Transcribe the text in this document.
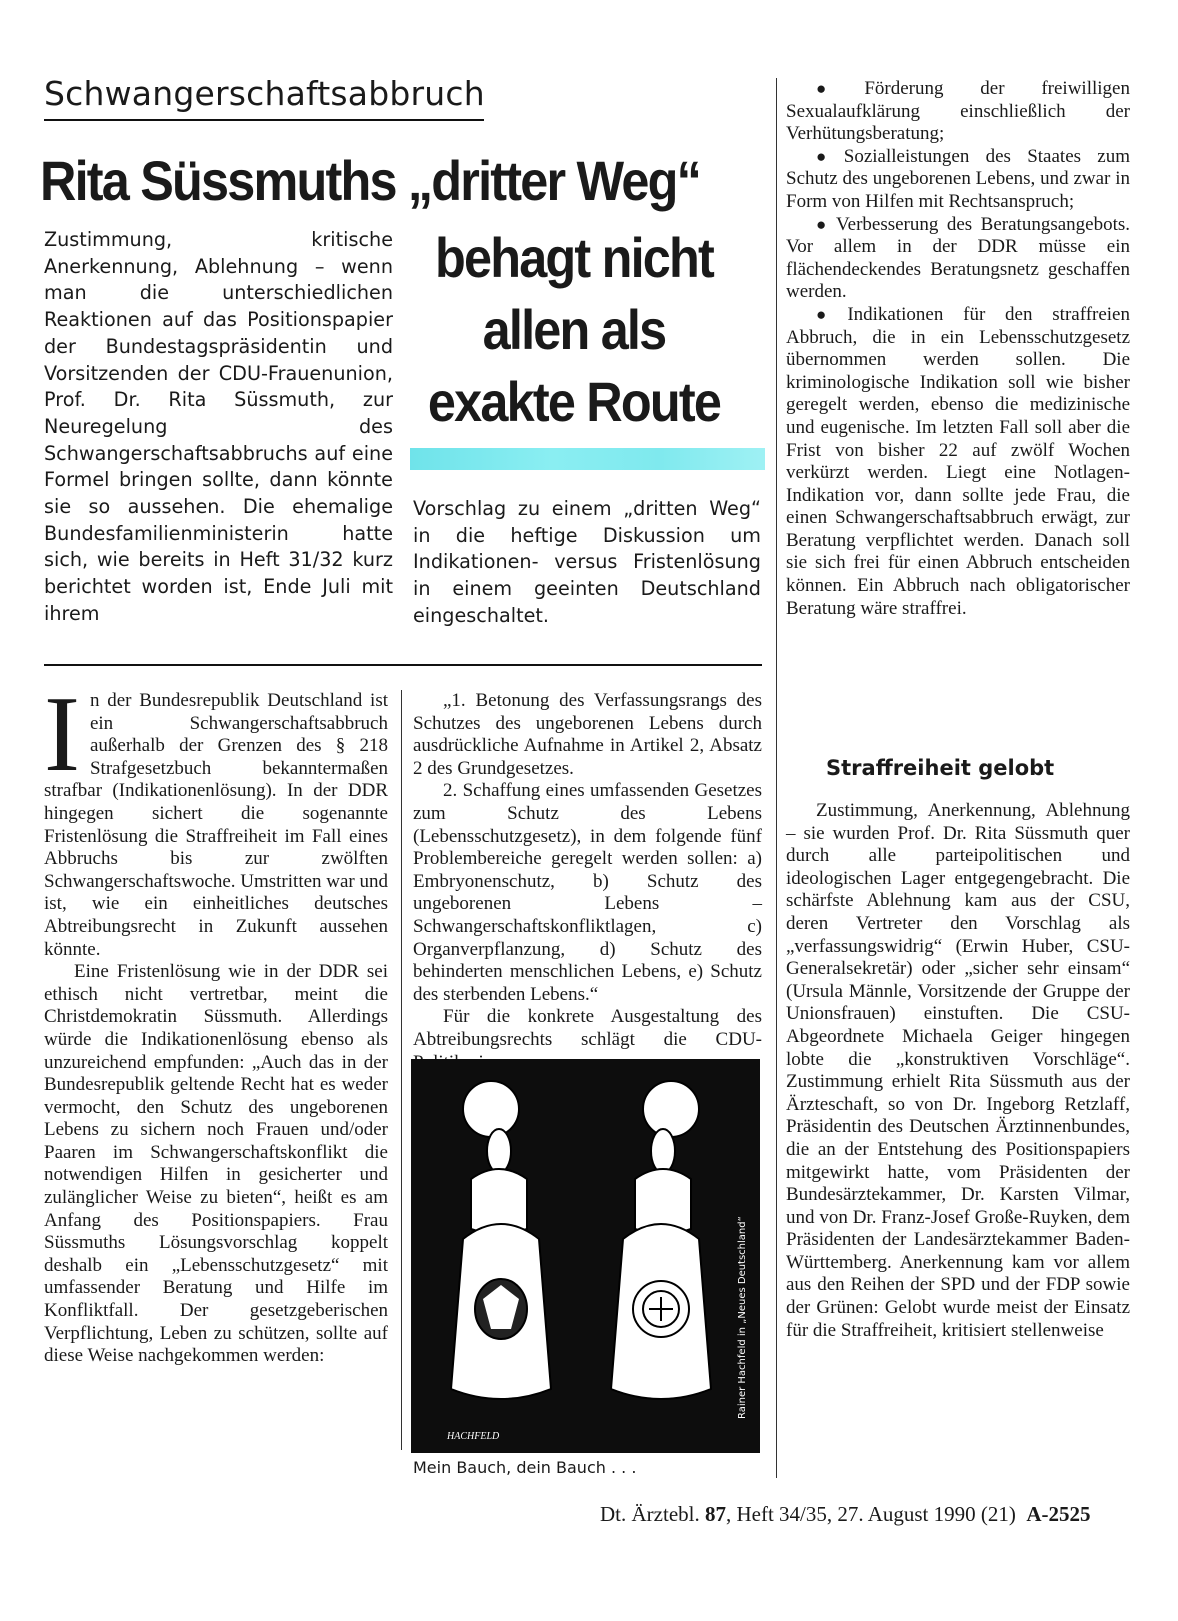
Schwangerschaftsabbruch
Rita Süssmuths „dritter Weg“
behagt nicht
allen als
exakte Route
Zustimmung, kritische Anerkennung, Ablehnung – wenn man die unterschiedlichen Reaktionen auf das Positionspapier der Bundestagspräsidentin und Vorsitzenden der CDU-Frauenunion, Prof. Dr. Rita Süssmuth, zur Neuregelung des Schwangerschaftsabbruchs auf eine Formel bringen sollte, dann könnte sie so aussehen. Die ehemalige Bundesfamilienministerin hatte sich, wie bereits in Heft 31/32 kurz berichtet worden ist, Ende Juli mit ihrem
Vorschlag zu einem „dritten Weg“ in die heftige Diskussion um Indikationen- versus Fristenlösung in einem geeinten Deutschland eingeschaltet.

In der Bundesrepublik Deutschland ist ein Schwangerschaftsabbruch außerhalb der Grenzen des § 218 Strafgesetzbuch bekanntermaßen strafbar (Indikationenlösung). In der DDR hingegen sichert die sogenannte Fristenlösung die Straffreiheit im Fall eines Abbruchs bis zur zwölften Schwangerschaftswoche. Umstritten war und ist, wie ein einheitliches deutsches Abtreibungsrecht in Zukunft aussehen könnte.

Eine Fristenlösung wie in der DDR sei ethisch nicht vertretbar, meint die Christdemokratin Süssmuth. Allerdings würde die Indikationenlösung ebenso als unzureichend empfunden: „Auch das in der Bundesrepublik geltende Recht hat es weder vermocht, den Schutz des ungeborenen Lebens zu sichern noch Frauen und/oder Paaren im Schwangerschaftskonflikt die notwendigen Hilfen in gesicherter und zulänglicher Weise zu bieten“, heißt es am Anfang des Positionspapiers. Frau Süssmuths Lösungsvorschlag koppelt deshalb ein „Lebensschutzgesetz“ mit umfassender Beratung und Hilfe im Konfliktfall. Der gesetzgeberischen Verpflichtung, Leben zu schützen, sollte auf diese Weise nachgekommen werden:

„1. Betonung des Verfassungsrangs des Schutzes des ungeborenen Lebens durch ausdrückliche Aufnahme in Artikel 2, Absatz 2 des Grundgesetzes.

2. Schaffung eines umfassenden Gesetzes zum Schutz des Lebens (Lebensschutzgesetz), in dem folgende fünf Problembereiche geregelt werden sollen: a) Embryonenschutz, b) Schutz des ungeborenen Lebens – Schwangerschaftskonfliktlagen, c) Organverpflanzung, d) Schutz des behinderten menschlichen Lebens, e) Schutz des sterbenden Lebens.“

Für die konkrete Ausgestaltung des Abtreibungsrechts schlägt die CDU-

HACHFELD
Rainer Hachfeld in „Neues Deutschland“
Mein Bauch, dein Bauch . . .

● Förderung der freiwilligen Sexualaufklärung einschließlich der Verhütungsberatung;

● Sozialleistungen des Staates zum Schutz des ungeborenen Lebens, und zwar in Form von Hilfen mit Rechtsanspruch;

● Verbesserung des Beratungsangebots. Vor allem in der DDR müsse ein flächendeckendes Beratungsnetz geschaffen werden.

● Indikationen für den straffreien Abbruch, die in ein Lebensschutzgesetz übernommen werden sollen. Die kriminologische Indikation soll wie bisher geregelt werden, ebenso die medizinische und eugenische. Im letzten Fall soll aber die Frist von bisher 22 auf zwölf Wochen verkürzt werden. Liegt eine Notlagen-Indikation vor, dann sollte jede Frau, die einen Schwangerschaftsabbruch erwägt, zur Beratung verpflichtet werden. Danach soll sie sich frei für einen Abbruch entscheiden können. Ein Abbruch nach obligatorischer Beratung wäre straffrei.

Straffreiheit gelobt

Zustimmung, Anerkennung, Ablehnung – sie wurden Prof. Dr. Rita Süssmuth quer durch alle parteipolitischen und ideologischen Lager entgegengebracht. Die schärfste Ablehnung kam aus der CSU, deren Vertreter den Vorschlag als „verfassungswidrig“ (Erwin Huber, CSU-Generalsekretär) oder „sicher sehr einsam“ (Ursula Männle, Vorsitzende der Gruppe der Unionsfrauen) einstuften. Die CSU-Abgeordnete Michaela Geiger hingegen lobte die „konstruktiven Vorschläge“. Zustimmung erhielt Rita Süssmuth aus der Ärzteschaft, so von Dr. Ingeborg Retzlaff, Präsidentin des Deutschen Ärztinnenbundes, die an der Entstehung des Positionspapiers mitgewirkt hatte, vom Präsidenten der Bundesärztekammer, Dr. Karsten Vilmar, und von Dr. Franz-Josef Große-Ruyken, dem Präsidenten der Landesärztekammer Baden-Württemberg. Anerkennung kam vor allem aus den Reihen der SPD und der FDP sowie der Grünen: Gelobt wurde meist der Einsatz für die Straffreiheit, kritisiert stellenweise

Dt. Ärztebl. 87, Heft 34/35, 27. August 1990 (21) A-2525
